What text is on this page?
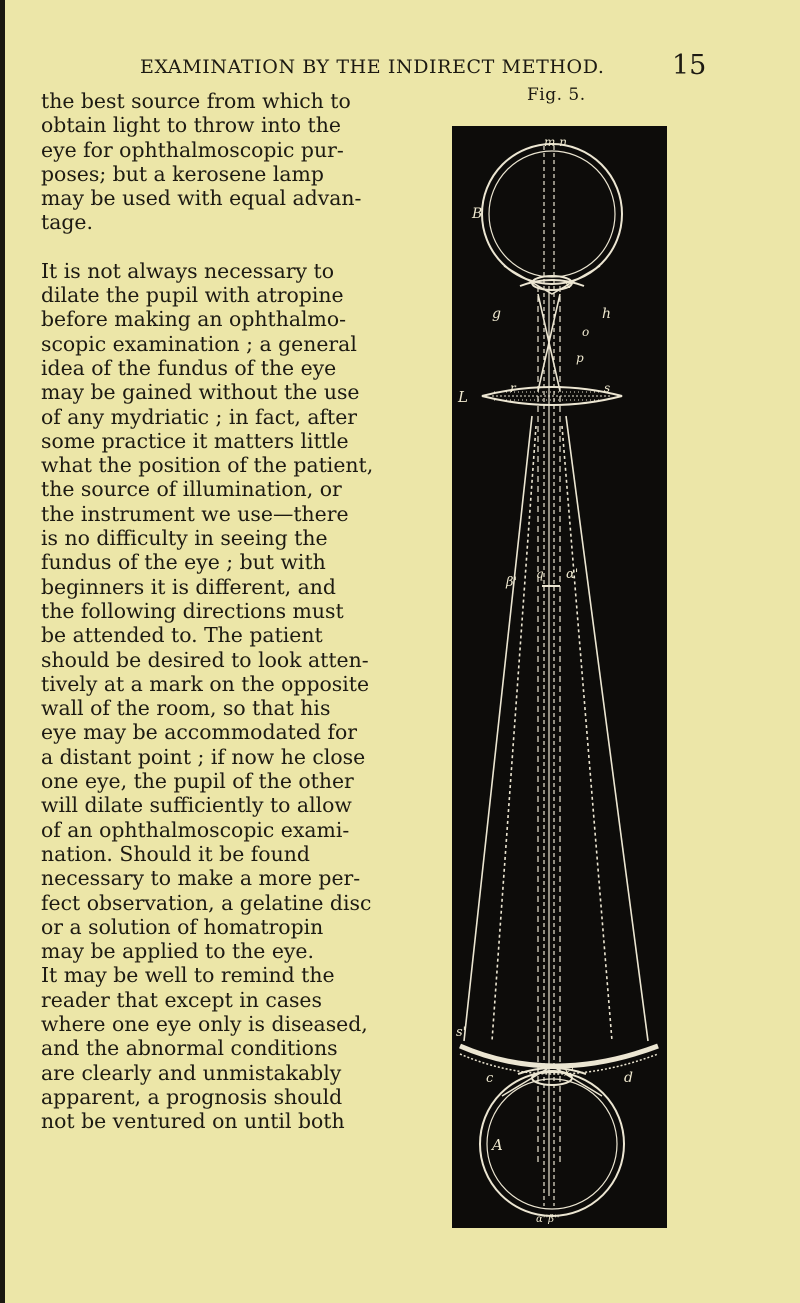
EXAMINATION BY THE INDIRECT METHOD. 15
the best source from which to
obtain light to throw into the
eye for ophthalmoscopic pur-
poses; but a kerosene lamp
may be used with equal advan-
tage.
It is not always necessary to
dilate the pupil with atropine
before making an ophthalmo-
scopic examination ; a general
idea of the fundus of the eye
may be gained without the use
of any mydriatic ; in fact, after
some practice it matters little
what the position of the patient,
the source of illumination, or
the instrument we use—there
is no difficulty in seeing the
fundus of the eye ; but with
beginners it is different, and
the following directions must
be attended to. The patient
should be desired to look atten-
tively at a mark on the opposite
wall of the room, so that his
eye may be accommodated for
a distant point ; if now he close
one eye, the pupil of the other
will dilate sufficiently to allow
of an ophthalmoscopic exami-
nation. Should it be found
necessary to make a more per-
fect observation, a gelatine disc
or a solution of homatropin
may be applied to the eye.
It may be well to remind the
reader that except in cases
where one eye only is diseased,
and the abnormal conditions
are clearly and unmistakably
apparent, a prognosis should
not be ventured on until both
Fig. 5.
m n
B
g	h
x
o
p
L	r	s
β'
q α'
s'
c	d
A
x'
α''β''
